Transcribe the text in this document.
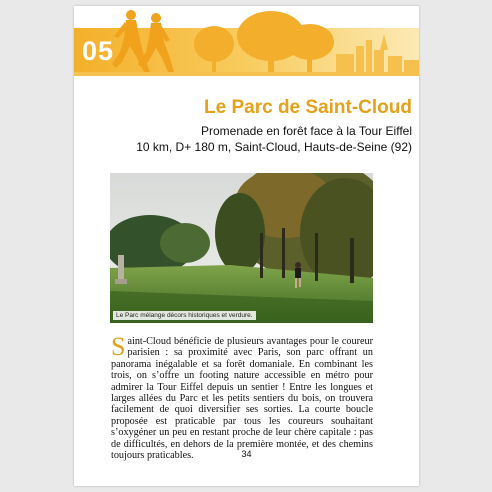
05
Le Parc de Saint-Cloud
Promenade en forêt face à la Tour Eiffel
10 km, D+ 180 m, Saint-Cloud, Hauts-de-Seine (92)
Le Parc mélange décors historiques et verdure.
Saint-Cloud bénéficie de plusieurs avantages pour le coureur parisien : sa proximité avec Paris, son parc offrant un panorama inégalable et sa forêt domaniale. En combinant les trois, on s’offre un footing nature accessible en métro pour admirer la Tour Eiffel depuis un sentier ! Entre les longues et larges allées du Parc et les petits sentiers du bois, on trouvera facilement de quoi diversifier ses sorties. La courte boucle proposée est praticable par tous les coureurs souhaitant s’oxygéner un peu en restant proche de leur chère capitale : pas de difficultés, en dehors de la première montée, et des chemins toujours praticables.	34
